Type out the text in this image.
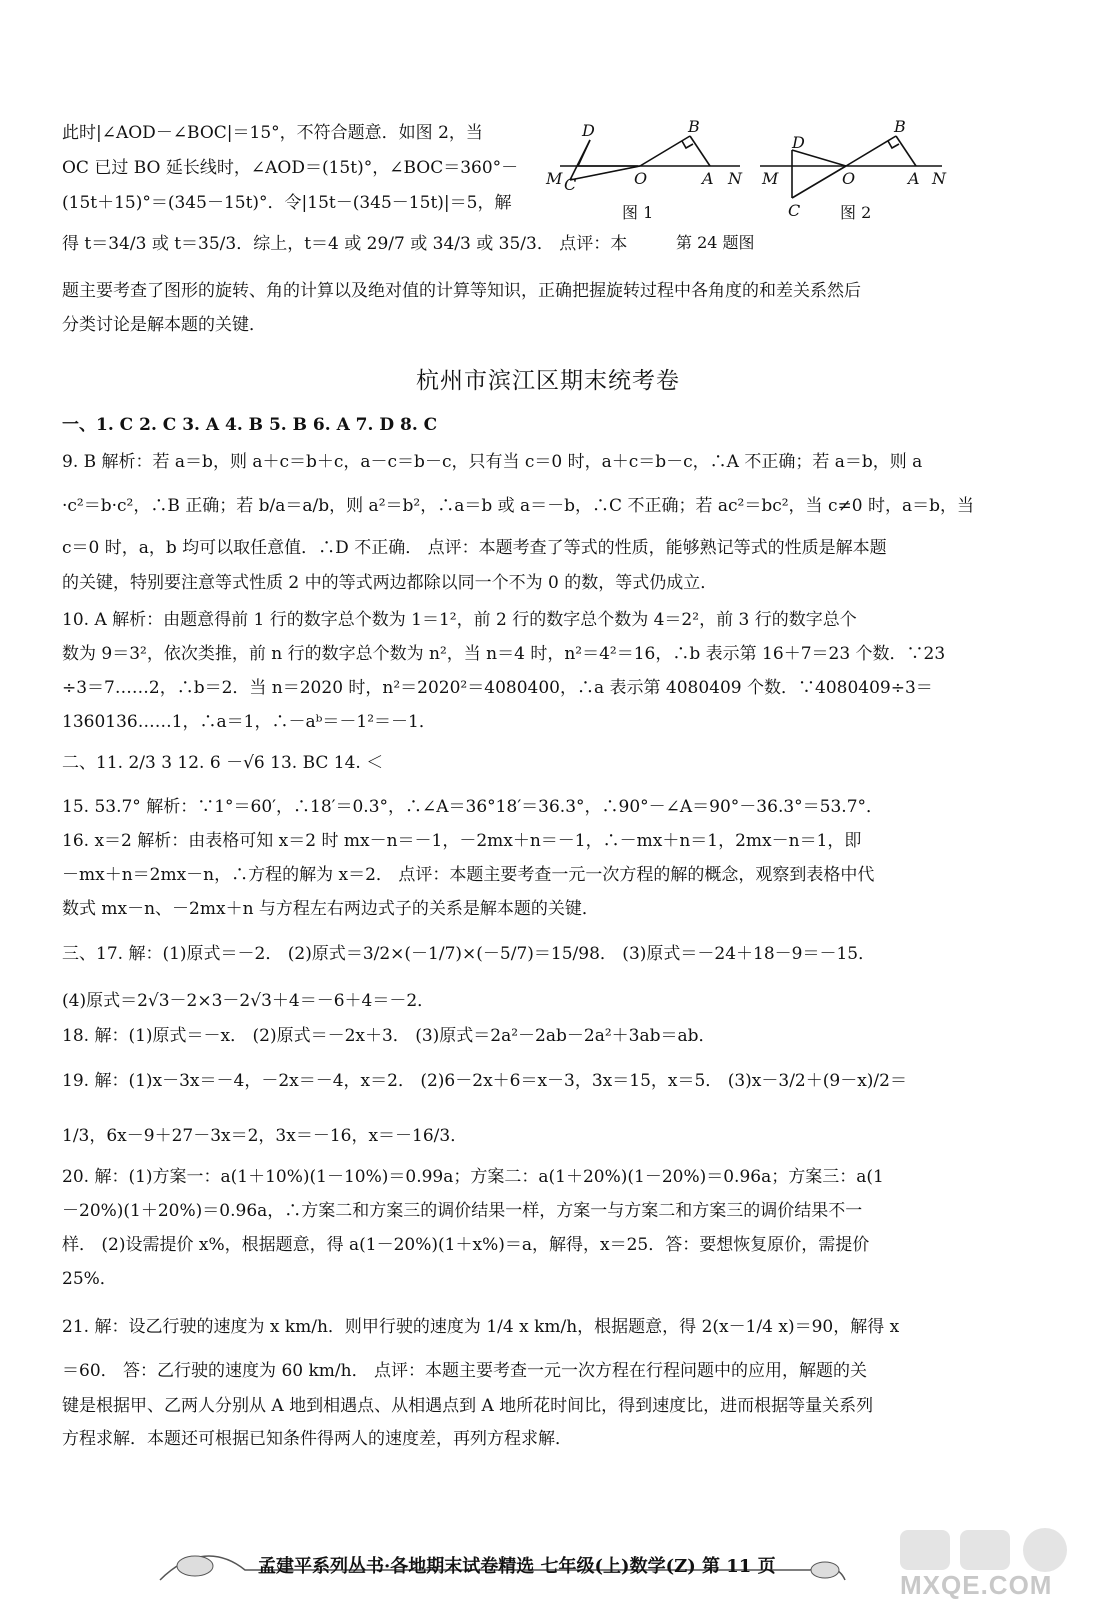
此时|∠AOD－∠BOC|＝15°，不符合题意．如图 2，当
OC 已过 BO 延长线时，∠AOD＝(15t)°，∠BOC＝360°－
(15t＋15)°＝(345－15t)°．令|15t－(345－15t)|＝5，解
得 t＝34/3 或 t＝35/3．综上，t＝4 或 29/7 或 34/3 或 35/3． 点评：本
题主要考查了图形的旋转、角的计算以及绝对值的计算等知识，正确把握旋转过程中各角度的和差关系然后
分类讨论是解本题的关键．
D	B
M C	O	A N
图 1
D
B
M
C
O	A N
图 2
第 24 题图
杭州市滨江区期末统考卷
一、1. C 2. C 3. A 4. B 5. B 6. A 7. D 8. C
9. B 解析：若 a＝b，则 a＋c＝b＋c，a－c＝b－c，只有当 c＝0 时，a＋c＝b－c，∴A 不正确；若 a＝b，则 a
·c²＝b·c²，∴B 正确；若 b/a＝a/b，则 a²＝b²，∴a＝b 或 a＝－b，∴C 不正确；若 ac²＝bc²，当 c≠0 时，a＝b，当
c＝0 时，a，b 均可以取任意值．∴D 不正确． 点评：本题考查了等式的性质，能够熟记等式的性质是解本题
的关键，特别要注意等式性质 2 中的等式两边都除以同一个不为 0 的数，等式仍成立．
10. A 解析：由题意得前 1 行的数字总个数为 1＝1²，前 2 行的数字总个数为 4＝2²，前 3 行的数字总个
数为 9＝3²，依次类推，前 n 行的数字总个数为 n²，当 n＝4 时，n²＝4²＝16，∴b 表示第 16＋7＝23 个数．∵23
÷3＝7……2，∴b＝2．当 n＝2020 时，n²＝2020²＝4080400，∴a 表示第 4080409 个数．∵4080409÷3＝
1360136……1，∴a＝1，∴－aᵇ＝－1²＝－1．
二、11. 2/3 3 12. 6 －√6 13. BC 14. ＜
15. 53.7° 解析：∵1°＝60′，∴18′＝0.3°，∴∠A＝36°18′＝36.3°，∴90°－∠A＝90°－36.3°＝53.7°．
16. x＝2 解析：由表格可知 x＝2 时 mx－n＝－1，－2mx＋n＝－1，∴－mx＋n＝1，2mx－n＝1，即
－mx＋n＝2mx－n，∴方程的解为 x＝2． 点评：本题主要考查一元一次方程的解的概念，观察到表格中代
数式 mx－n、－2mx＋n 与方程左右两边式子的关系是解本题的关键．
三、17. 解：(1)原式＝－2． (2)原式＝3/2×(－1/7)×(－5/7)＝15/98． (3)原式＝－24＋18－9＝－15．
(4)原式＝2√3－2×3－2√3＋4＝－6＋4＝－2．
18. 解：(1)原式＝－x． (2)原式＝－2x＋3． (3)原式＝2a²－2ab－2a²＋3ab＝ab．
19. 解：(1)x－3x＝－4，－2x＝－4，x＝2． (2)6－2x＋6＝x－3，3x＝15，x＝5． (3)x－3/2＋(9－x)/2＝
1/3，6x－9＋27－3x＝2，3x＝－16，x＝－16/3．
20. 解：(1)方案一：a(1＋10%)(1－10%)＝0.99a；方案二：a(1＋20%)(1－20%)＝0.96a；方案三：a(1
－20%)(1＋20%)＝0.96a，∴方案二和方案三的调价结果一样，方案一与方案二和方案三的调价结果不一
样． (2)设需提价 x%，根据题意，得 a(1－20%)(1＋x%)＝a，解得，x＝25．答：要想恢复原价，需提价
25%．
21. 解：设乙行驶的速度为 x km/h．则甲行驶的速度为 1/4 x km/h，根据题意，得 2(x－1/4 x)＝90，解得 x
＝60． 答：乙行驶的速度为 60 km/h． 点评：本题主要考查一元一次方程在行程问题中的应用，解题的关
键是根据甲、乙两人分别从 A 地到相遇点、从相遇点到 A 地所花时间比，得到速度比，进而根据等量关系列
方程求解．本题还可根据已知条件得两人的速度差，再列方程求解．
孟建平系列丛书·各地期末试卷精选 七年级(上)数学(Z) 第 11 页
MXQE.COM
